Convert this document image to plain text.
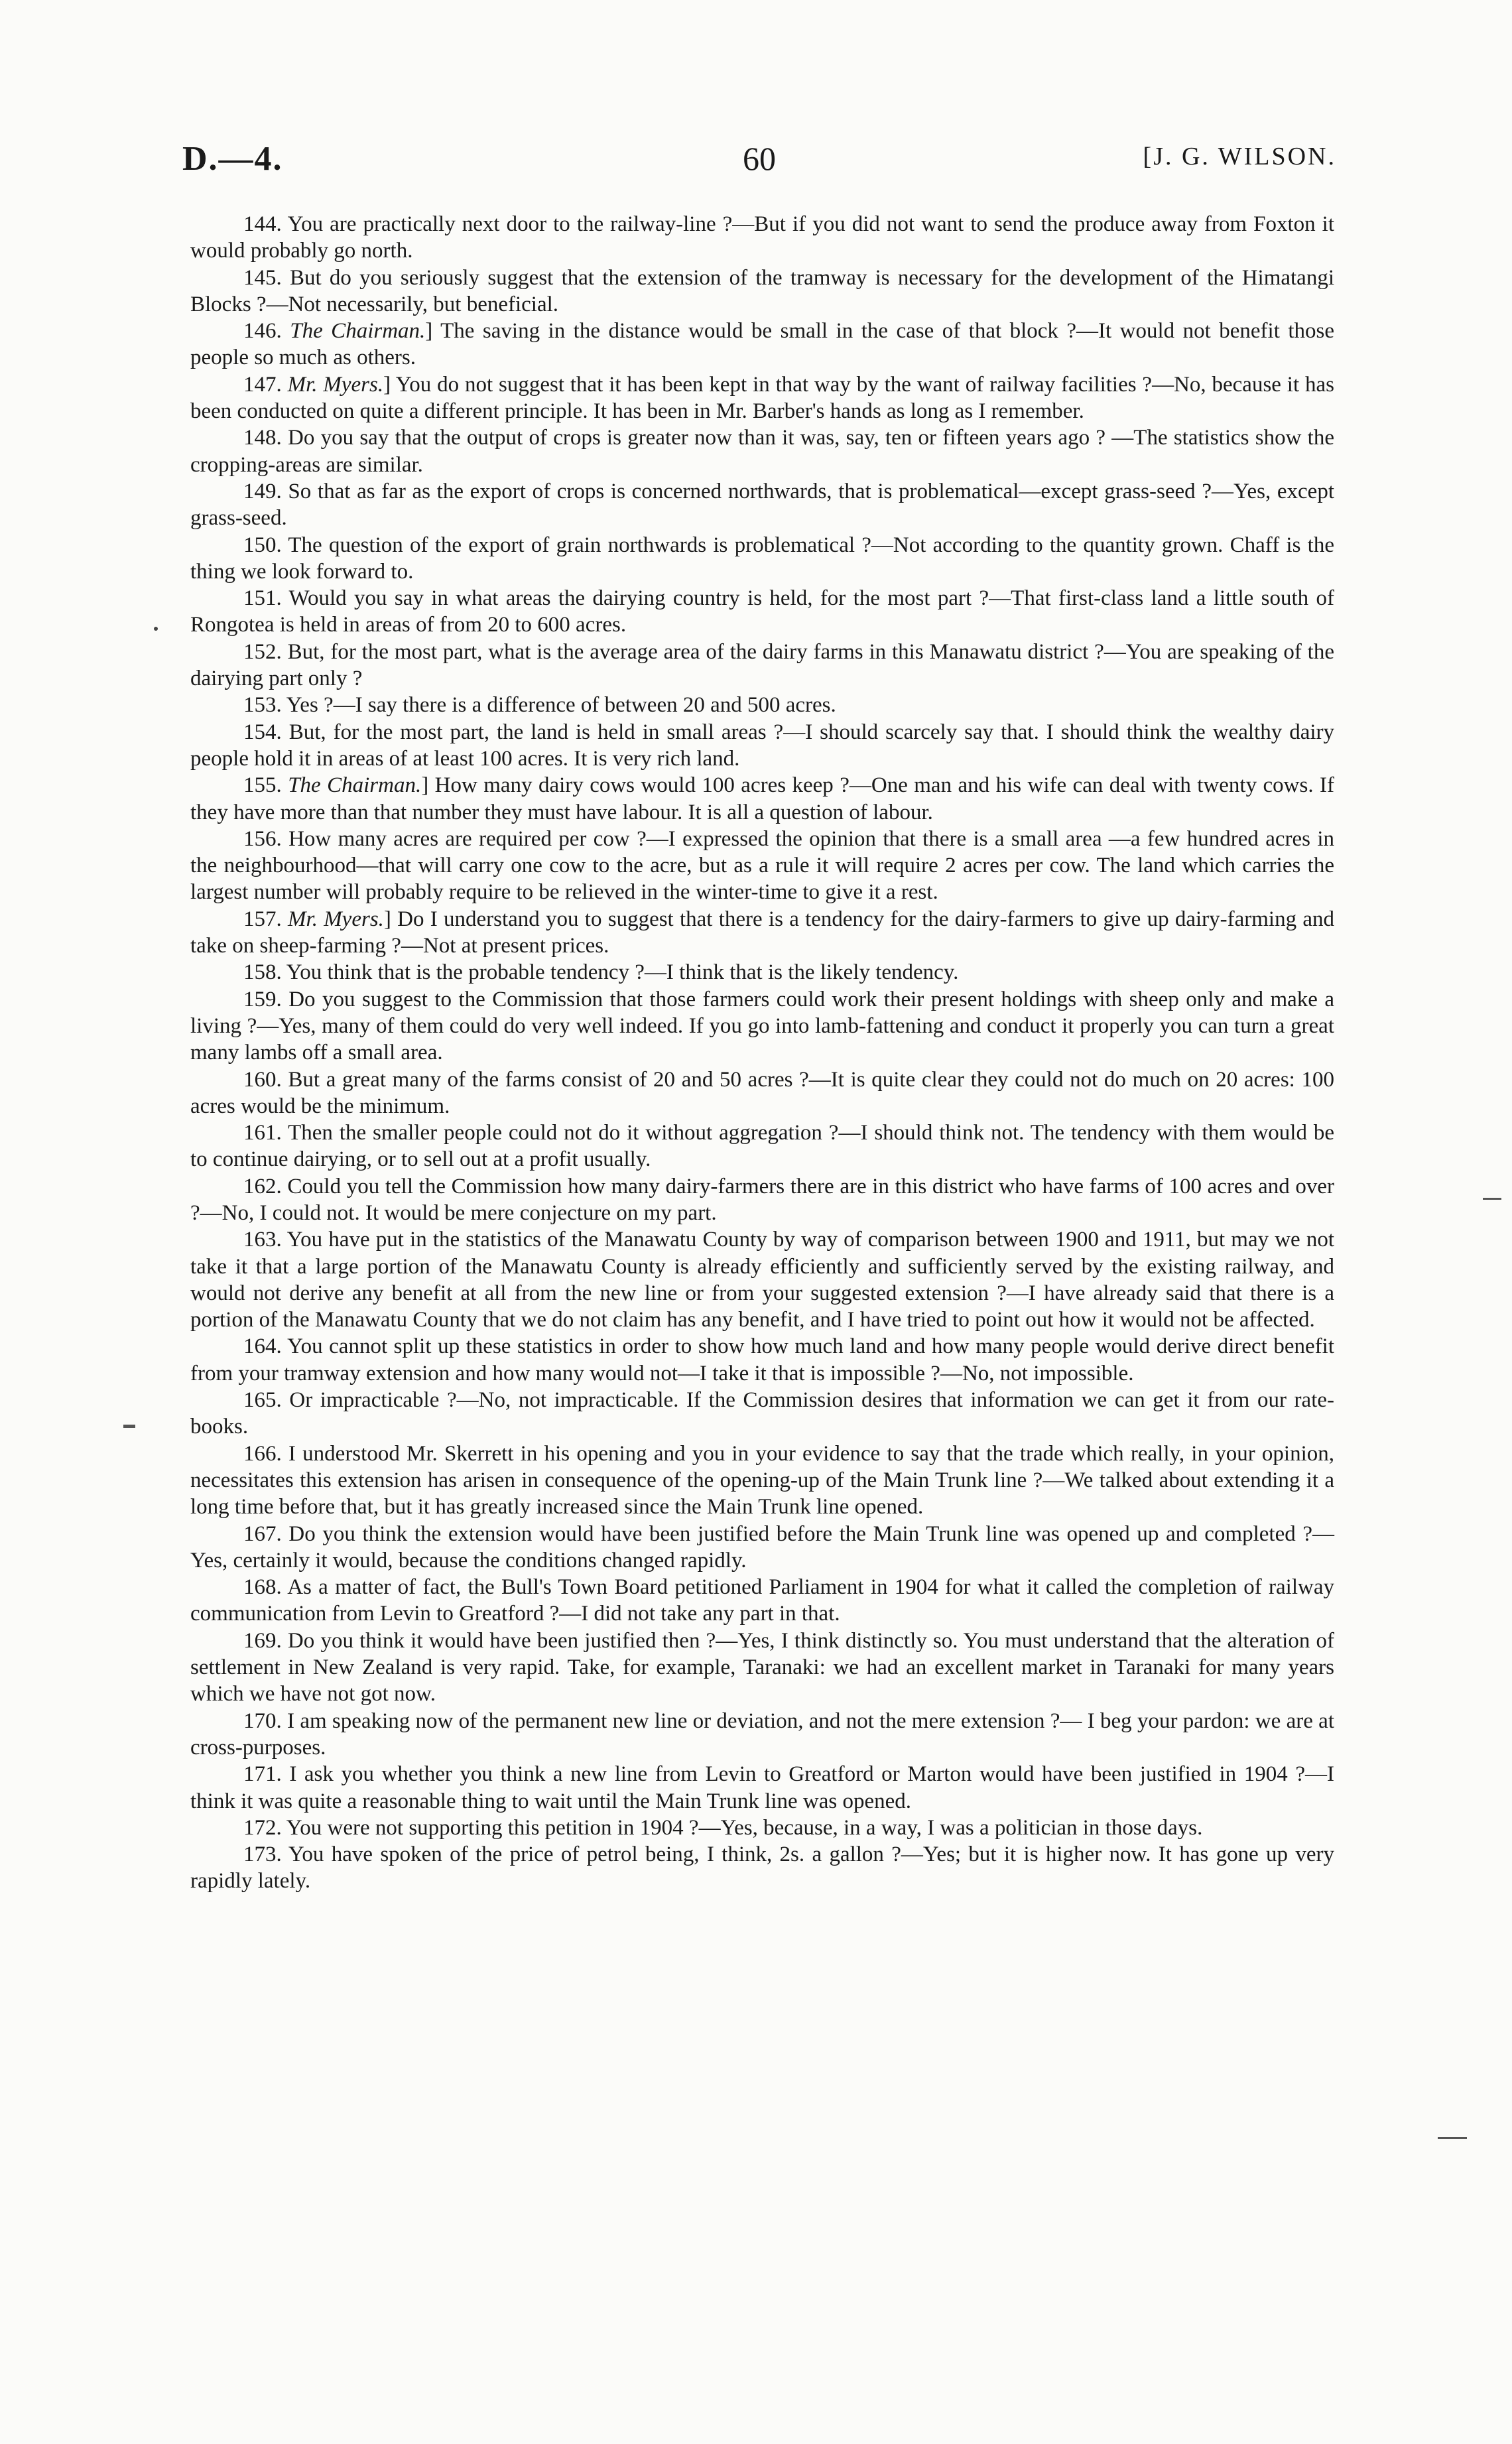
D.—4.	60	[J. G. WILSON.

144. You are practically next door to the railway-line ?—But if you did not want to send the produce away from Foxton it would probably go north.

145. But do you seriously suggest that the extension of the tramway is necessary for the development of the Himatangi Blocks ?—Not necessarily, but beneficial.

146. The Chairman.] The saving in the distance would be small in the case of that block ?—It would not benefit those people so much as others.

147. Mr. Myers.] You do not suggest that it has been kept in that way by the want of railway facilities ?—No, because it has been conducted on quite a different principle. It has been in Mr. Barber's hands as long as I remember.

148. Do you say that the output of crops is greater now than it was, say, ten or fifteen years ago ? —The statistics show the cropping-areas are similar.

149. So that as far as the export of crops is concerned northwards, that is problematical—except grass-seed ?—Yes, except grass-seed.

150. The question of the export of grain northwards is problematical ?—Not according to the quantity grown. Chaff is the thing we look forward to.

151. Would you say in what areas the dairying country is held, for the most part ?—That first-class land a little south of Rongotea is held in areas of from 20 to 600 acres.

152. But, for the most part, what is the average area of the dairy farms in this Manawatu district ?—You are speaking of the dairying part only ?

153. Yes ?—I say there is a difference of between 20 and 500 acres.

154. But, for the most part, the land is held in small areas ?—I should scarcely say that. I should think the wealthy dairy people hold it in areas of at least 100 acres. It is very rich land.

155. The Chairman.] How many dairy cows would 100 acres keep ?—One man and his wife can deal with twenty cows. If they have more than that number they must have labour. It is all a question of labour.

156. How many acres are required per cow ?—I expressed the opinion that there is a small area —a few hundred acres in the neighbourhood—that will carry one cow to the acre, but as a rule it will require 2 acres per cow. The land which carries the largest number will probably require to be relieved in the winter-time to give it a rest.

157. Mr. Myers.] Do I understand you to suggest that there is a tendency for the dairy-farmers to give up dairy-farming and take on sheep-farming ?—Not at present prices.

158. You think that is the probable tendency ?—I think that is the likely tendency.

159. Do you suggest to the Commission that those farmers could work their present holdings with sheep only and make a living ?—Yes, many of them could do very well indeed. If you go into lamb-fattening and conduct it properly you can turn a great many lambs off a small area.

160. But a great many of the farms consist of 20 and 50 acres ?—It is quite clear they could not do much on 20 acres: 100 acres would be the minimum.

161. Then the smaller people could not do it without aggregation ?—I should think not. The tendency with them would be to continue dairying, or to sell out at a profit usually.

162. Could you tell the Commission how many dairy-farmers there are in this district who have farms of 100 acres and over ?—No, I could not. It would be mere conjecture on my part.

163. You have put in the statistics of the Manawatu County by way of comparison between 1900 and 1911, but may we not take it that a large portion of the Manawatu County is already efficiently and sufficiently served by the existing railway, and would not derive any benefit at all from the new line or from your suggested extension ?—I have already said that there is a portion of the Manawatu County that we do not claim has any benefit, and I have tried to point out how it would not be affected.

164. You cannot split up these statistics in order to show how much land and how many people would derive direct benefit from your tramway extension and how many would not—I take it that is impossible ?—No, not impossible.

165. Or impracticable ?—No, not impracticable. If the Commission desires that information we can get it from our rate-books.

166. I understood Mr. Skerrett in his opening and you in your evidence to say that the trade which really, in your opinion, necessitates this extension has arisen in consequence of the opening-up of the Main Trunk line ?—We talked about extending it a long time before that, but it has greatly increased since the Main Trunk line opened.

167. Do you think the extension would have been justified before the Main Trunk line was opened up and completed ?—Yes, certainly it would, because the conditions changed rapidly.

168. As a matter of fact, the Bull's Town Board petitioned Parliament in 1904 for what it called the completion of railway communication from Levin to Greatford ?—I did not take any part in that.

169. Do you think it would have been justified then ?—Yes, I think distinctly so. You must understand that the alteration of settlement in New Zealand is very rapid. Take, for example, Taranaki: we had an excellent market in Taranaki for many years which we have not got now.

170. I am speaking now of the permanent new line or deviation, and not the mere extension ?— I beg your pardon: we are at cross-purposes.

171. I ask you whether you think a new line from Levin to Greatford or Marton would have been justified in 1904 ?—I think it was quite a reasonable thing to wait until the Main Trunk line was opened.

172. You were not supporting this petition in 1904 ?—Yes, because, in a way, I was a politician in those days.

173. You have spoken of the price of petrol being, I think, 2s. a gallon ?—Yes; but it is higher now. It has gone up very rapidly lately.
